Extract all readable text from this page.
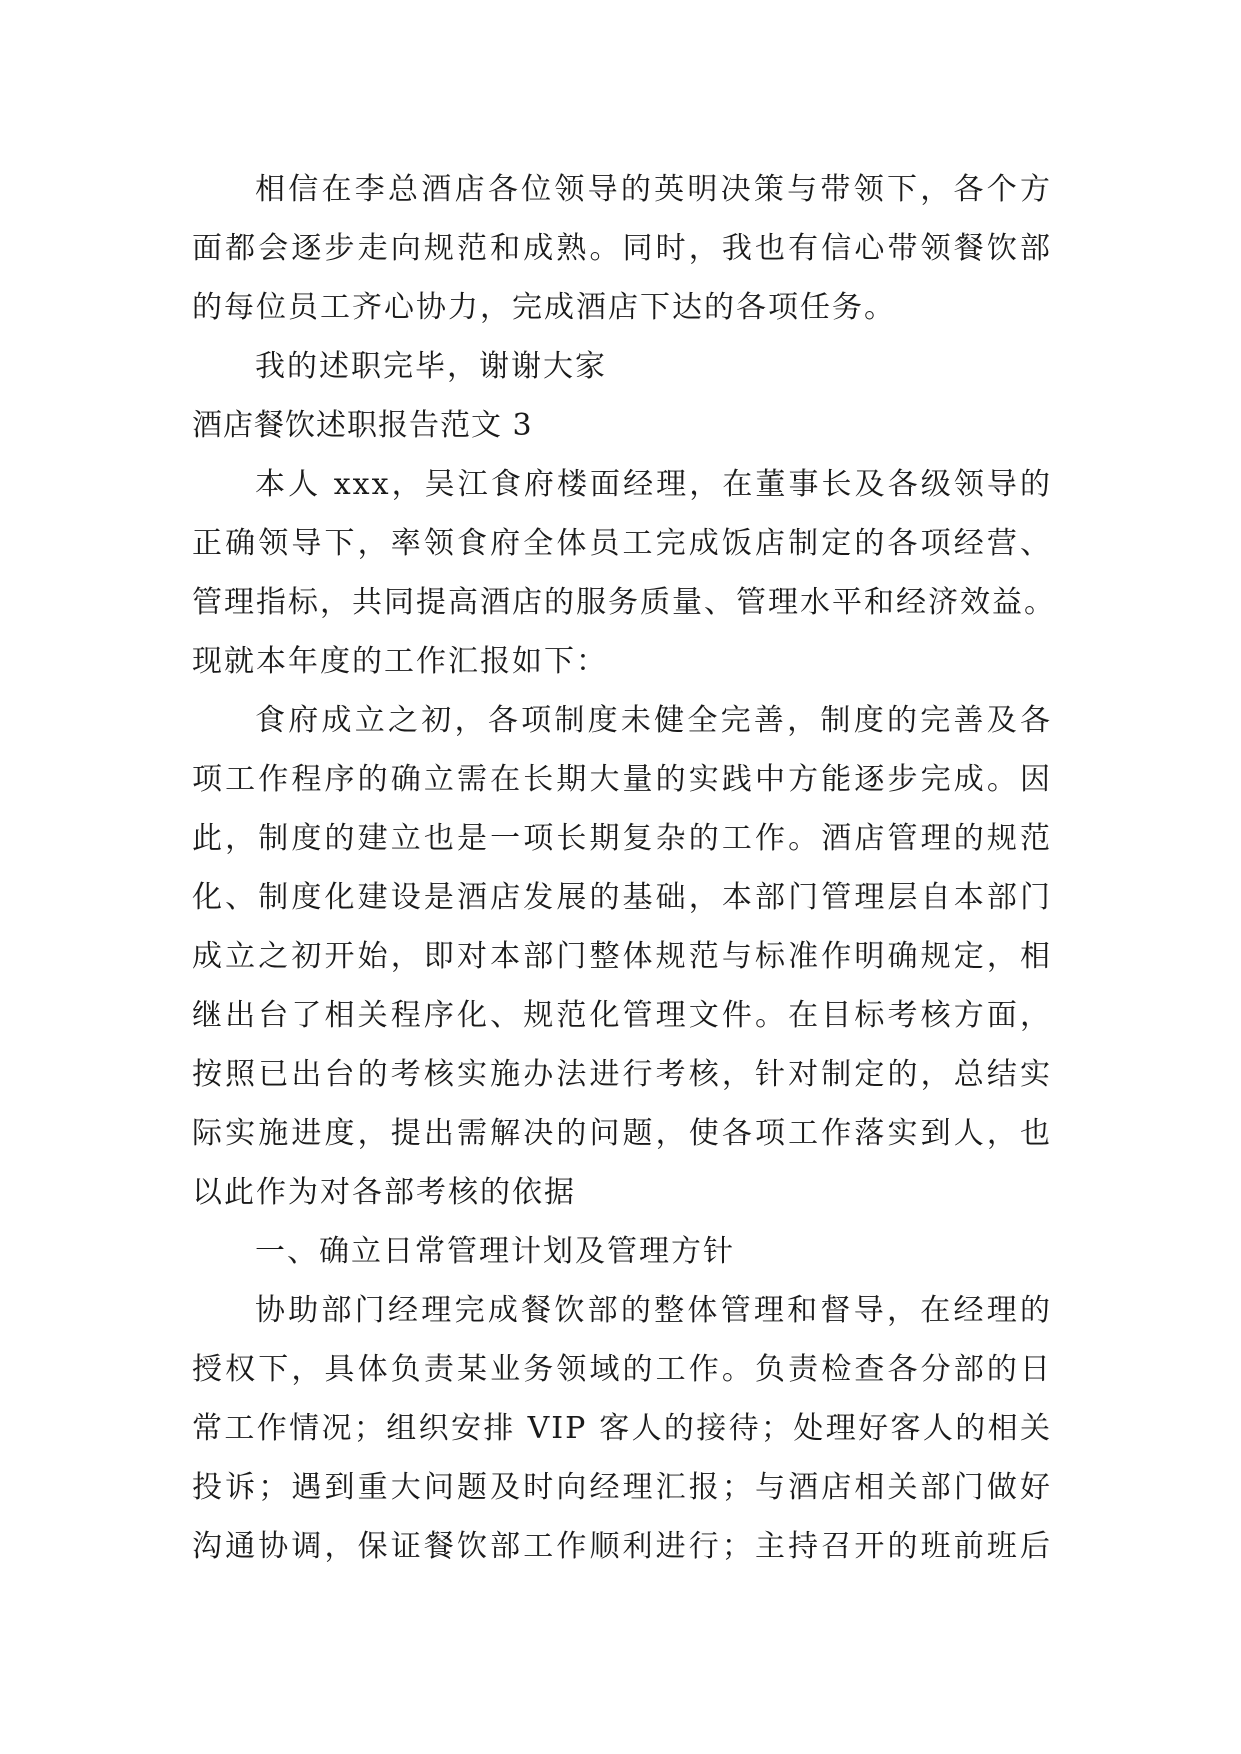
相信在李总酒店各位领导的英明决策与带领下，各个方
面都会逐步走向规范和成熟。同时，我也有信心带领餐饮部
的每位员工齐心协力，完成酒店下达的各项任务。
我的述职完毕，谢谢大家
酒店餐饮述职报告范文 3
本人 xxx，吴江食府楼面经理，在董事长及各级领导的
正确领导下，率领食府全体员工完成饭店制定的各项经营、
管理指标，共同提高酒店的服务质量、管理水平和经济效益。
现就本年度的工作汇报如下：
食府成立之初，各项制度未健全完善，制度的完善及各
项工作程序的确立需在长期大量的实践中方能逐步完成。因
此，制度的建立也是一项长期复杂的工作。酒店管理的规范
化、制度化建设是酒店发展的基础，本部门管理层自本部门
成立之初开始，即对本部门整体规范与标准作明确规定，相
继出台了相关程序化、规范化管理文件。在目标考核方面，
按照已出台的考核实施办法进行考核，针对制定的，总结实
际实施进度，提出需解决的问题，使各项工作落实到人，也
以此作为对各部考核的依据
一、确立日常管理计划及管理方针
协助部门经理完成餐饮部的整体管理和督导，在经理的
授权下，具体负责某业务领域的工作。负责检查各分部的日
常工作情况；组织安排 VIP 客人的接待；处理好客人的相关
投诉；遇到重大问题及时向经理汇报；与酒店相关部门做好
沟通协调，保证餐饮部工作顺利进行；主持召开的班前班后
